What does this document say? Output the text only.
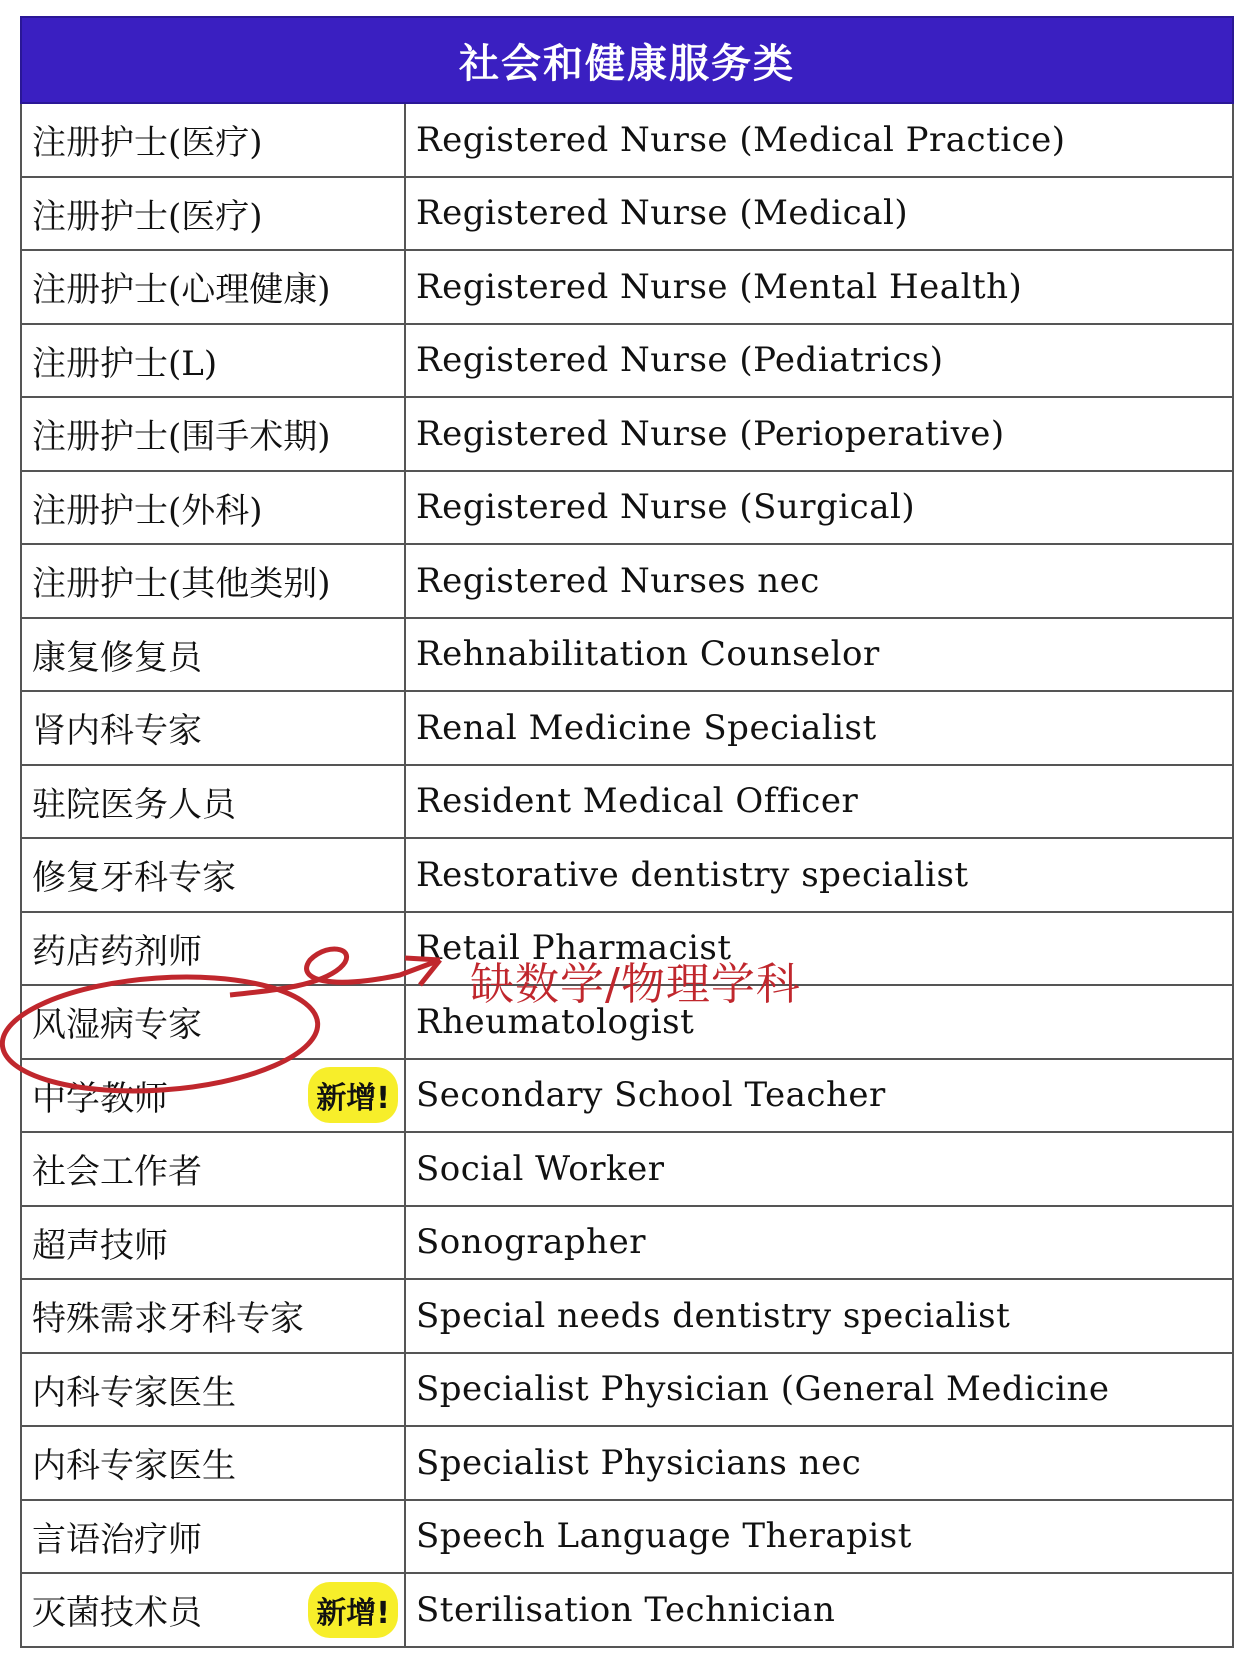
社会和健康服务类
注册护士(医疗)	Registered Nurse (Medical Practice)
注册护士(医疗)	Registered Nurse (Medical)
注册护士(心理健康)	Registered Nurse (Mental Health)
注册护士(L)	Registered Nurse (Pediatrics)
注册护士(围手术期)	Registered Nurse (Perioperative)
注册护士(外科)	Registered Nurse (Surgical)
注册护士(其他类别)	Registered Nurses nec
康复修复员	Rehnabilitation Counselor
肾内科专家	Renal Medicine Specialist
驻院医务人员	Resident Medical Officer
修复牙科专家	Restorative dentistry specialist
药店药剂师	Retail Pharmacist
风湿病专家	Rheumatologist
中学教师	新增! Secondary School Teacher
社会工作者	Social Worker
超声技师	Sonographer
特殊需求牙科专家	Special needs dentistry specialist
内科专家医生	Specialist Physician (General Medicine
内科专家医生	Specialist Physicians nec
言语治疗师	Speech Language Therapist
灭菌技术员	新增! Sterilisation Technician
缺数学/物理学科
